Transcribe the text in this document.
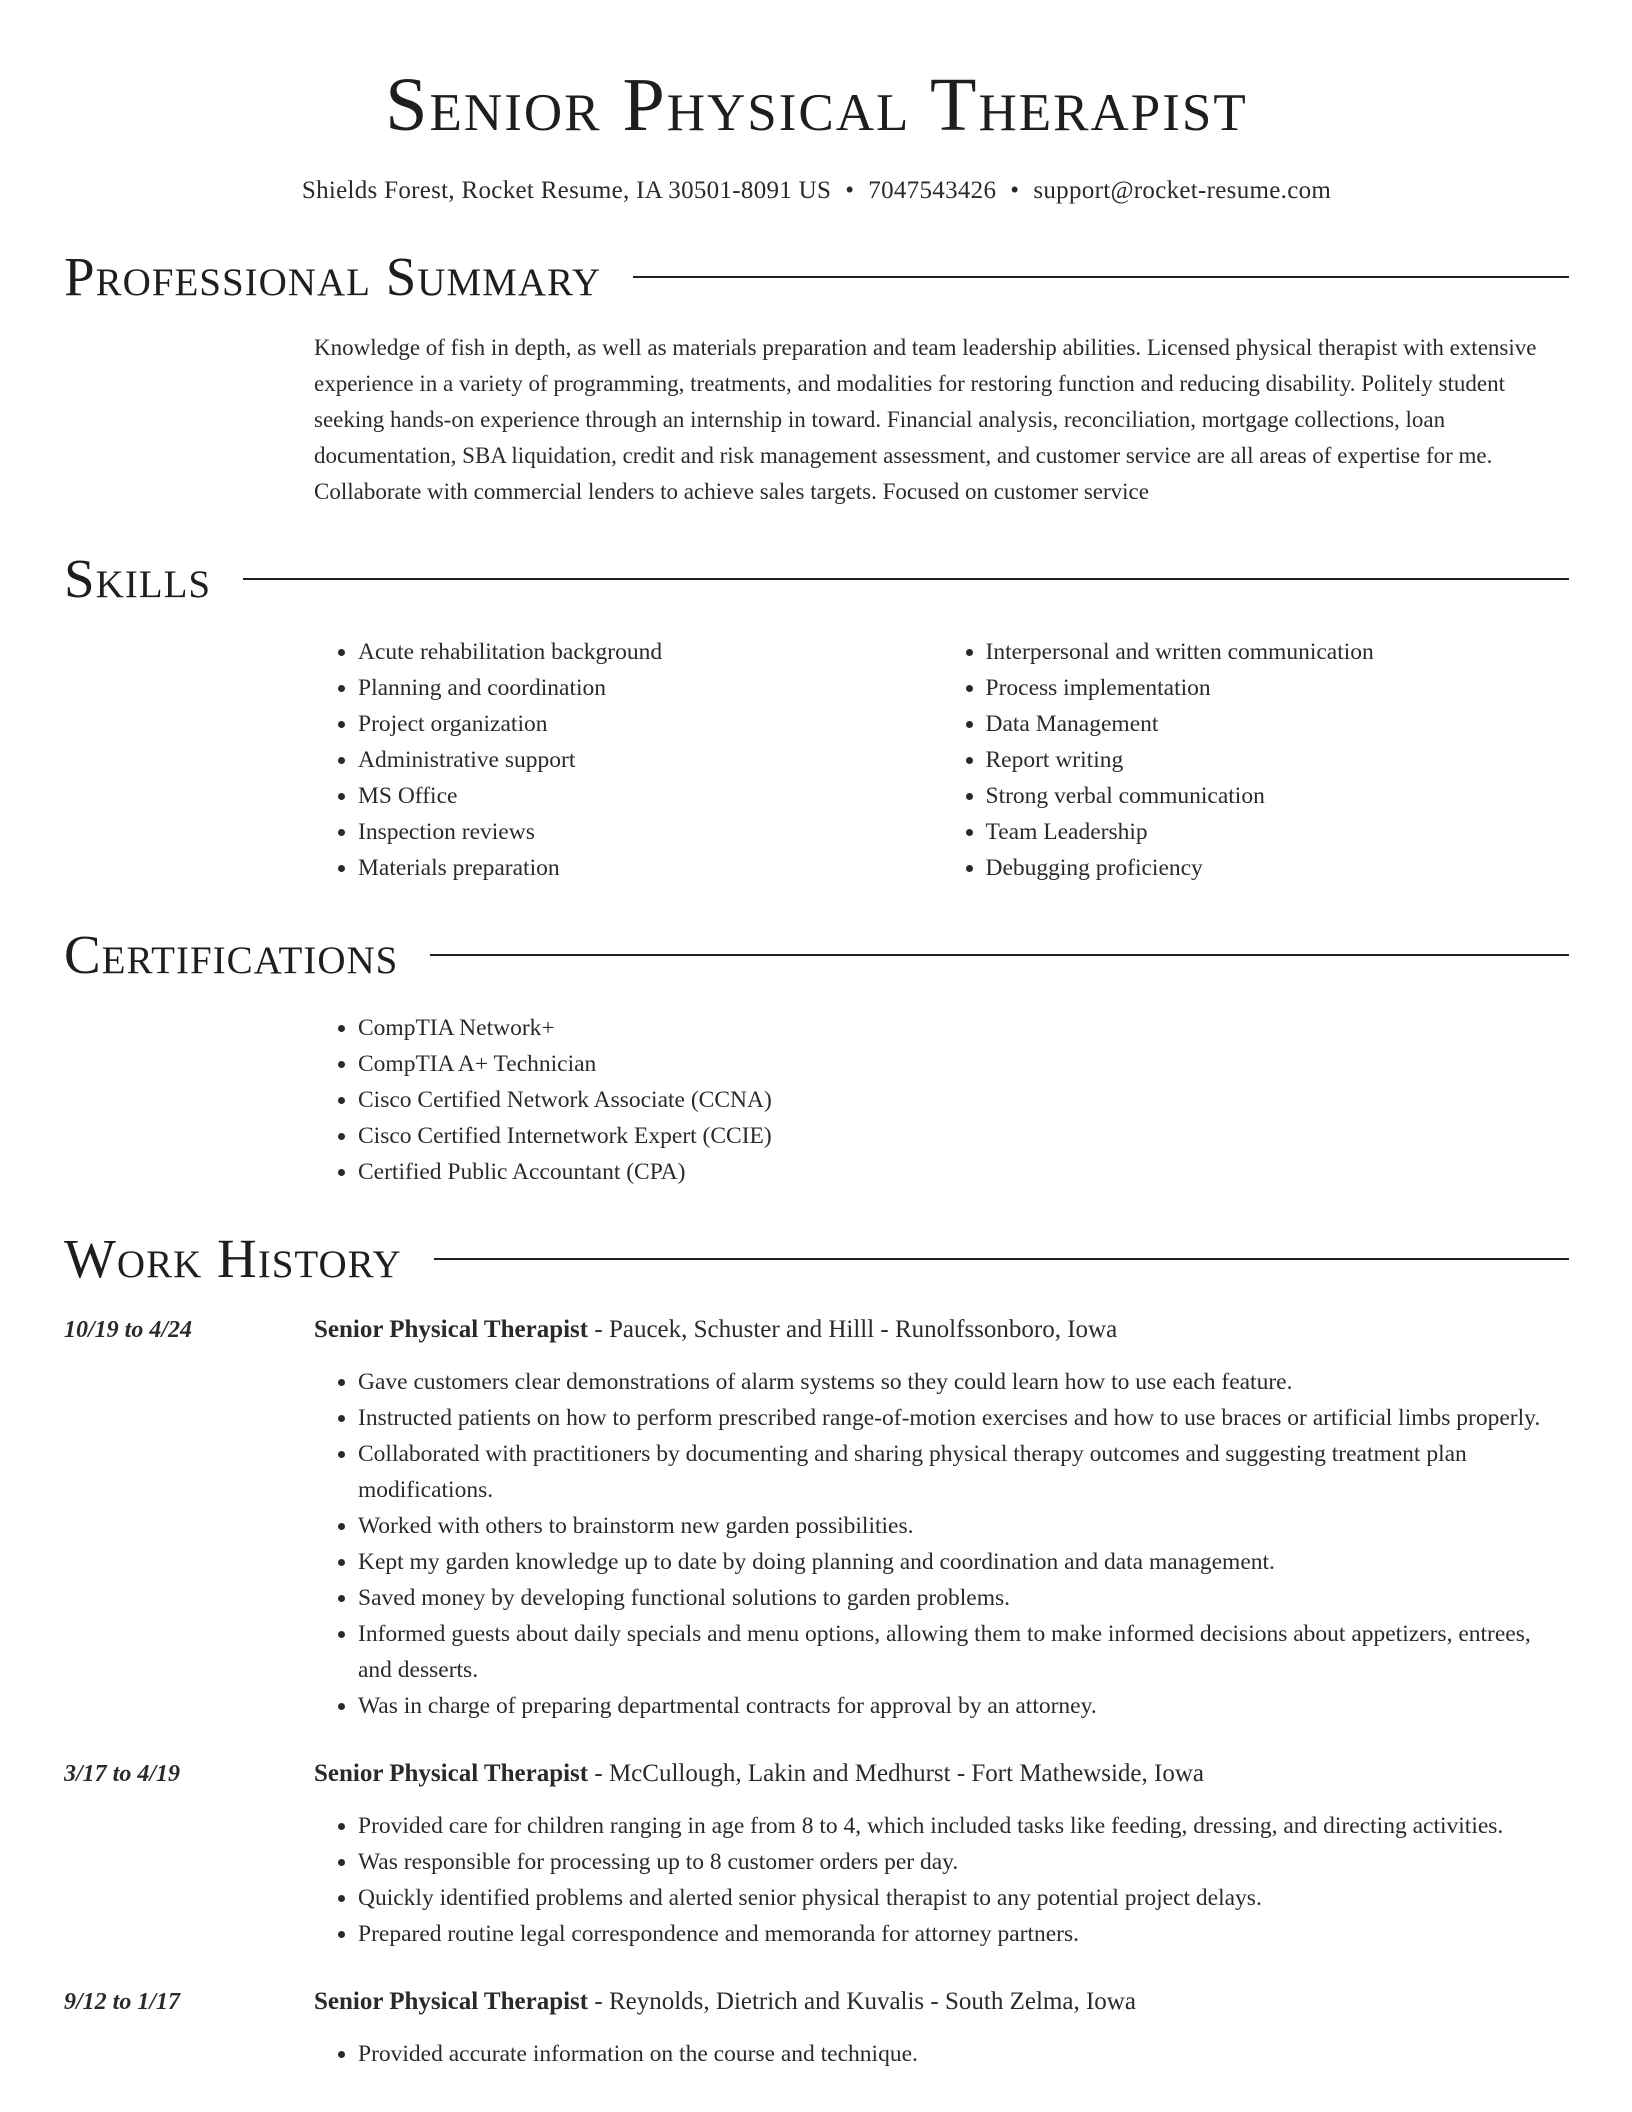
Senior Physical Therapist
Shields Forest, Rocket Resume, IA 30501-8091 US • 7047543426 • support@rocket-resume.com
Professional Summary
Knowledge of fish in depth, as well as materials preparation and team leadership abilities. Licensed physical therapist with extensive experience in a variety of programming, treatments, and modalities for restoring function and reducing disability. Politely student seeking hands-on experience through an internship in toward. Financial analysis, reconciliation, mortgage collections, loan documentation, SBA liquidation, credit and risk management assessment, and customer service are all areas of expertise for me. Collaborate with commercial lenders to achieve sales targets. Focused on customer service
Skills
• Acute rehabilitation background
• Planning and coordination
• Project organization
• Administrative support
• MS Office
• Inspection reviews
• Materials preparation
• Interpersonal and written communication
• Process implementation
• Data Management
• Report writing
• Strong verbal communication
• Team Leadership
• Debugging proficiency
Certifications
• CompTIA Network+
• CompTIA A+ Technician
• Cisco Certified Network Associate (CCNA)
• Cisco Certified Internetwork Expert (CCIE)
• Certified Public Accountant (CPA)
Work History
10/19 to 4/24	Senior Physical Therapist - Paucek, Schuster and Hilll - Runolfssonboro, Iowa
• Gave customers clear demonstrations of alarm systems so they could learn how to use each feature.
• Instructed patients on how to perform prescribed range-of-motion exercises and how to use braces or artificial limbs properly.
• Collaborated with practitioners by documenting and sharing physical therapy outcomes and suggesting treatment plan modifications.
• Worked with others to brainstorm new garden possibilities.
• Kept my garden knowledge up to date by doing planning and coordination and data management.
• Saved money by developing functional solutions to garden problems.
• Informed guests about daily specials and menu options, allowing them to make informed decisions about appetizers, entrees, and desserts.
• Was in charge of preparing departmental contracts for approval by an attorney.
3/17 to 4/19	Senior Physical Therapist - McCullough, Lakin and Medhurst - Fort Mathewside, Iowa
• Provided care for children ranging in age from 8 to 4, which included tasks like feeding, dressing, and directing activities.
• Was responsible for processing up to 8 customer orders per day.
• Quickly identified problems and alerted senior physical therapist to any potential project delays.
• Prepared routine legal correspondence and memoranda for attorney partners.
9/12 to 1/17	Senior Physical Therapist - Reynolds, Dietrich and Kuvalis - South Zelma, Iowa
• Provided accurate information on the course and technique.
